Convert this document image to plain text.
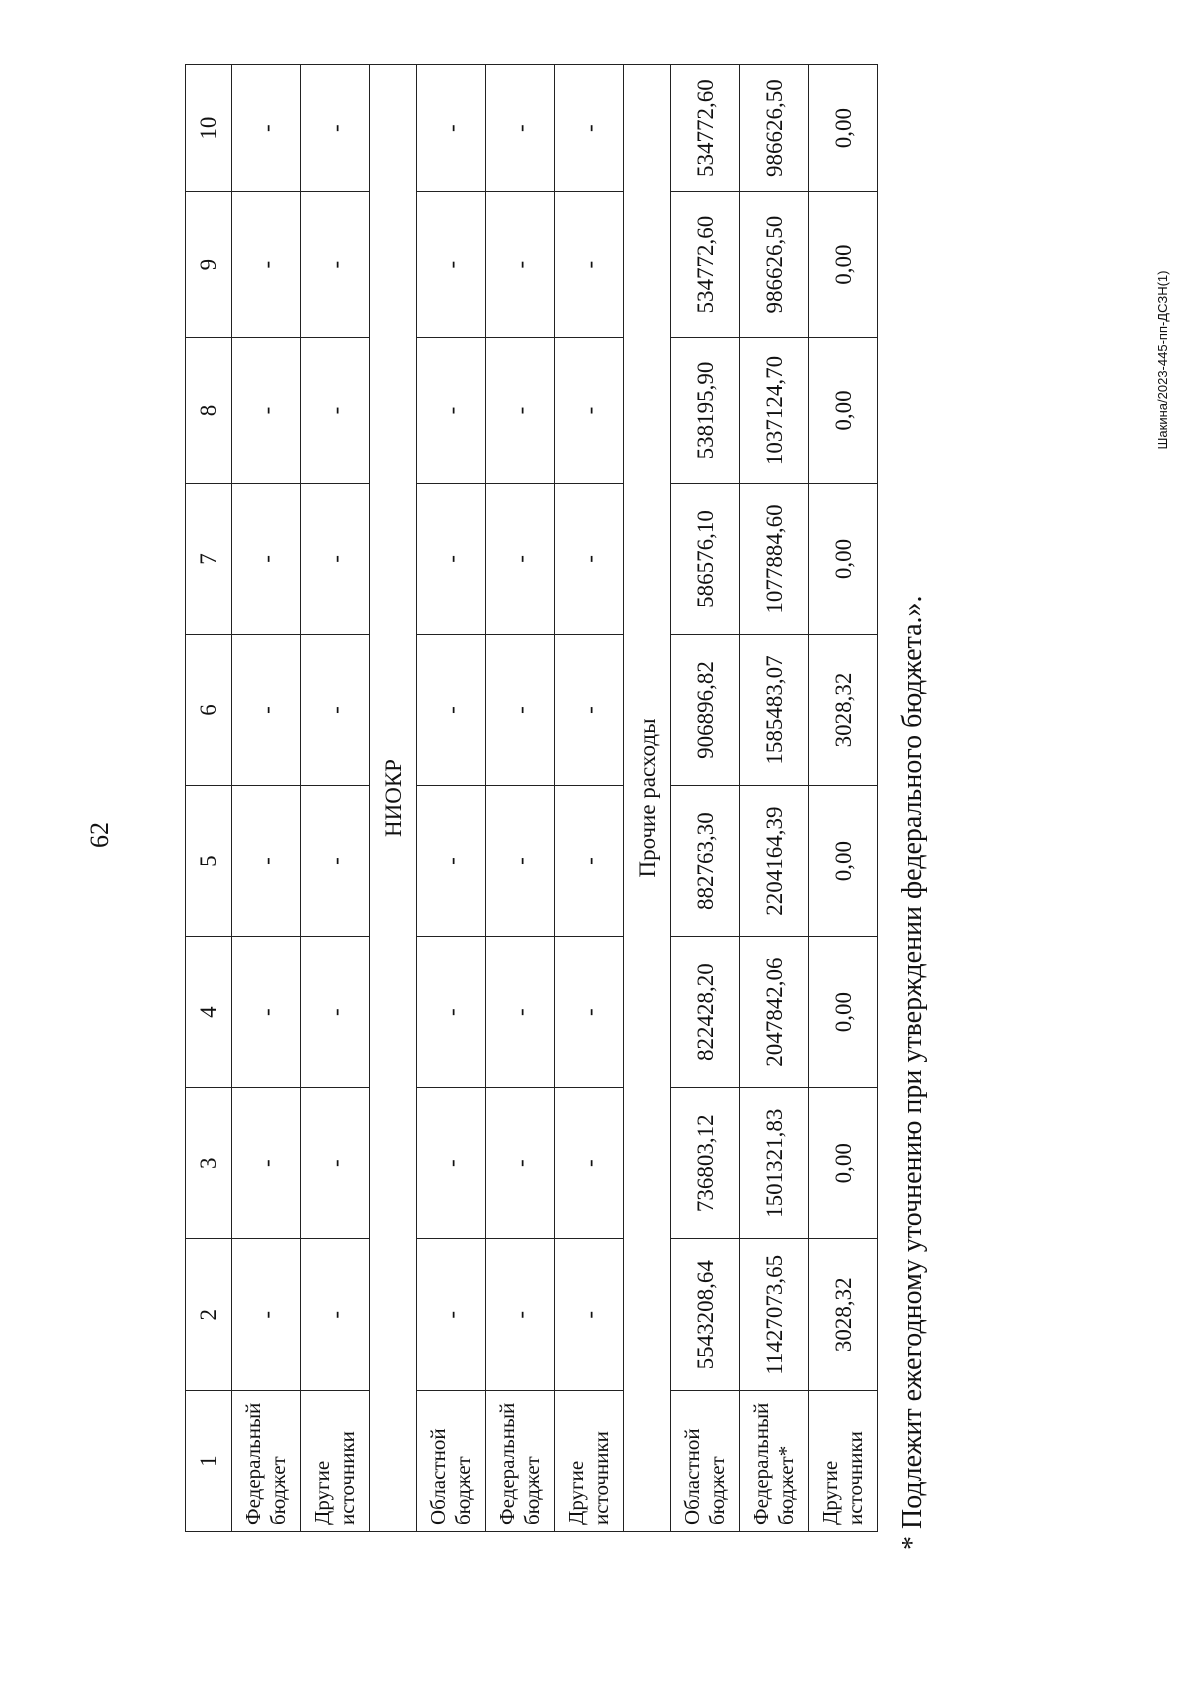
62
Шакина/2023-445-пп-ДСЗН(1)
1	2	3	4	5	6	7	8	9	10
Федеральный бюджет	-	-	-	-	-	-	-	-	-
Другие источники	-	-	-	-	-	-	-	-	-
НИОКР									
Областной бюджет	-	-	-	-	-	-	-	-	-
Федеральный бюджет	-	-	-	-	-	-	-	-	-
Другие источники	-	-	-	-	-	-	-	-	-
Прочие расходы									
Областной бюджет	5543208,64	736803,12	822428,20	882763,30	906896,82	586576,10	538195,90	534772,60	534772,60
Федеральный бюджет*	11427073,65	1501321,83	2047842,06	2204164,39	1585483,07	1077884,60	1037124,70	986626,50	986626,50
Другие источники	3028,32	0,00	0,00	0,00	3028,32	0,00	0,00	0,00	0,00
* Подлежит ежегодному уточнению при утверждении федерального бюджета.».
